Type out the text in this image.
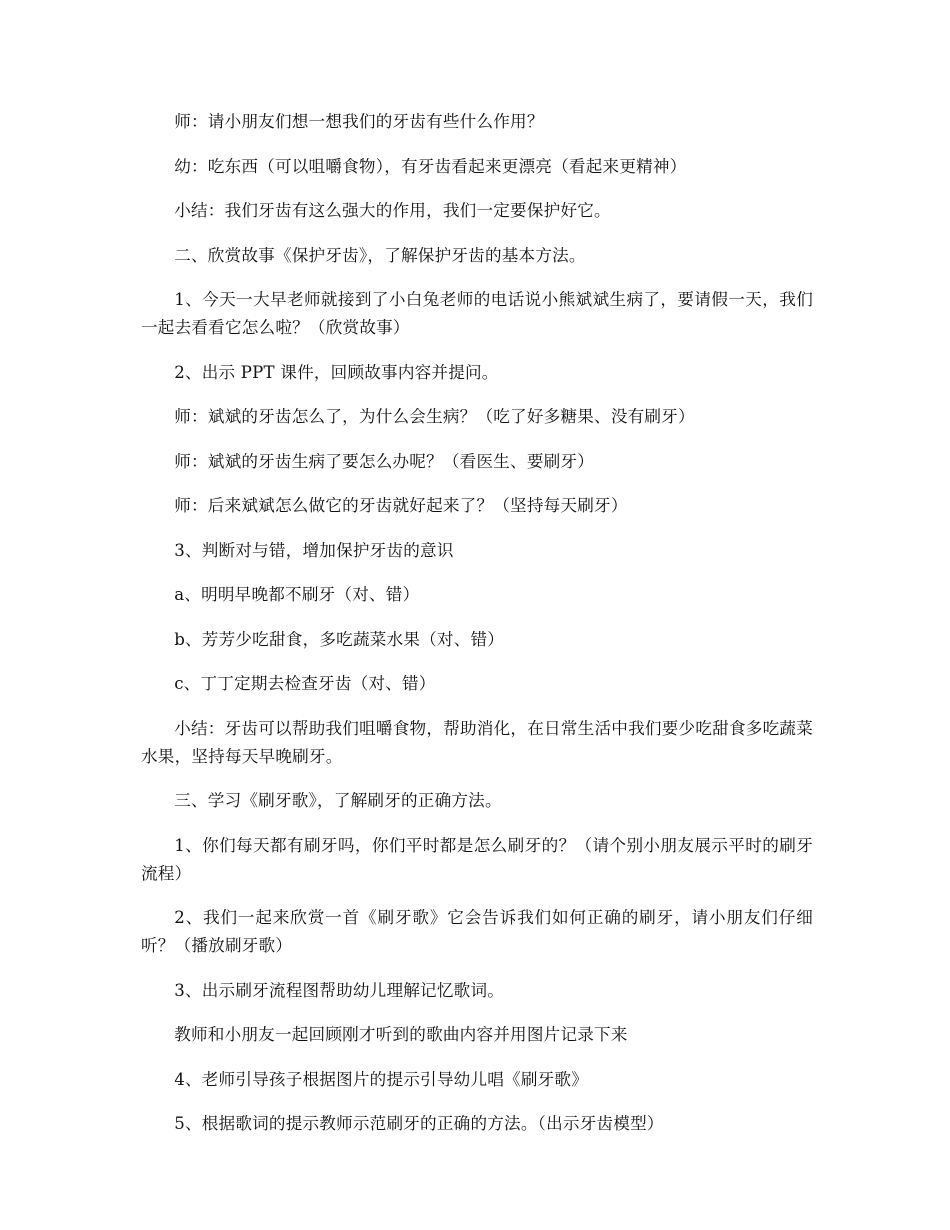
师：请小朋友们想一想我们的牙齿有些什么作用？

幼：吃东西（可以咀嚼食物），有牙齿看起来更漂亮（看起来更精神）

小结：我们牙齿有这么强大的作用，我们一定要保护好它。

二、欣赏故事《保护牙齿》，了解保护牙齿的基本方法。

1、今天一大早老师就接到了小白兔老师的电话说小熊斌斌生病了，要请假一天，我们一起去看看它怎么啦？（欣赏故事）

2、出示 PPT 课件，回顾故事内容并提问。

师：斌斌的牙齿怎么了，为什么会生病？（吃了好多糖果、没有刷牙）

师：斌斌的牙齿生病了要怎么办呢？（看医生、要刷牙）

师：后来斌斌怎么做它的牙齿就好起来了？（坚持每天刷牙）

3、判断对与错，增加保护牙齿的意识

a、明明早晚都不刷牙（对、错）

b、芳芳少吃甜食，多吃蔬菜水果（对、错）

c、丁丁定期去检查牙齿（对、错）

小结：牙齿可以帮助我们咀嚼食物，帮助消化，在日常生活中我们要少吃甜食多吃蔬菜水果，坚持每天早晚刷牙。

三、学习《刷牙歌》，了解刷牙的正确方法。

1、你们每天都有刷牙吗，你们平时都是怎么刷牙的？（请个别小朋友展示平时的刷牙流程）

2、我们一起来欣赏一首《刷牙歌》它会告诉我们如何正确的刷牙，请小朋友们仔细听？（播放刷牙歌）

3、出示刷牙流程图帮助幼儿理解记忆歌词。

教师和小朋友一起回顾刚才听到的歌曲内容并用图片记录下来

4、老师引导孩子根据图片的提示引导幼儿唱《刷牙歌》

5、根据歌词的提示教师示范刷牙的正确的方法。（出示牙齿模型）
